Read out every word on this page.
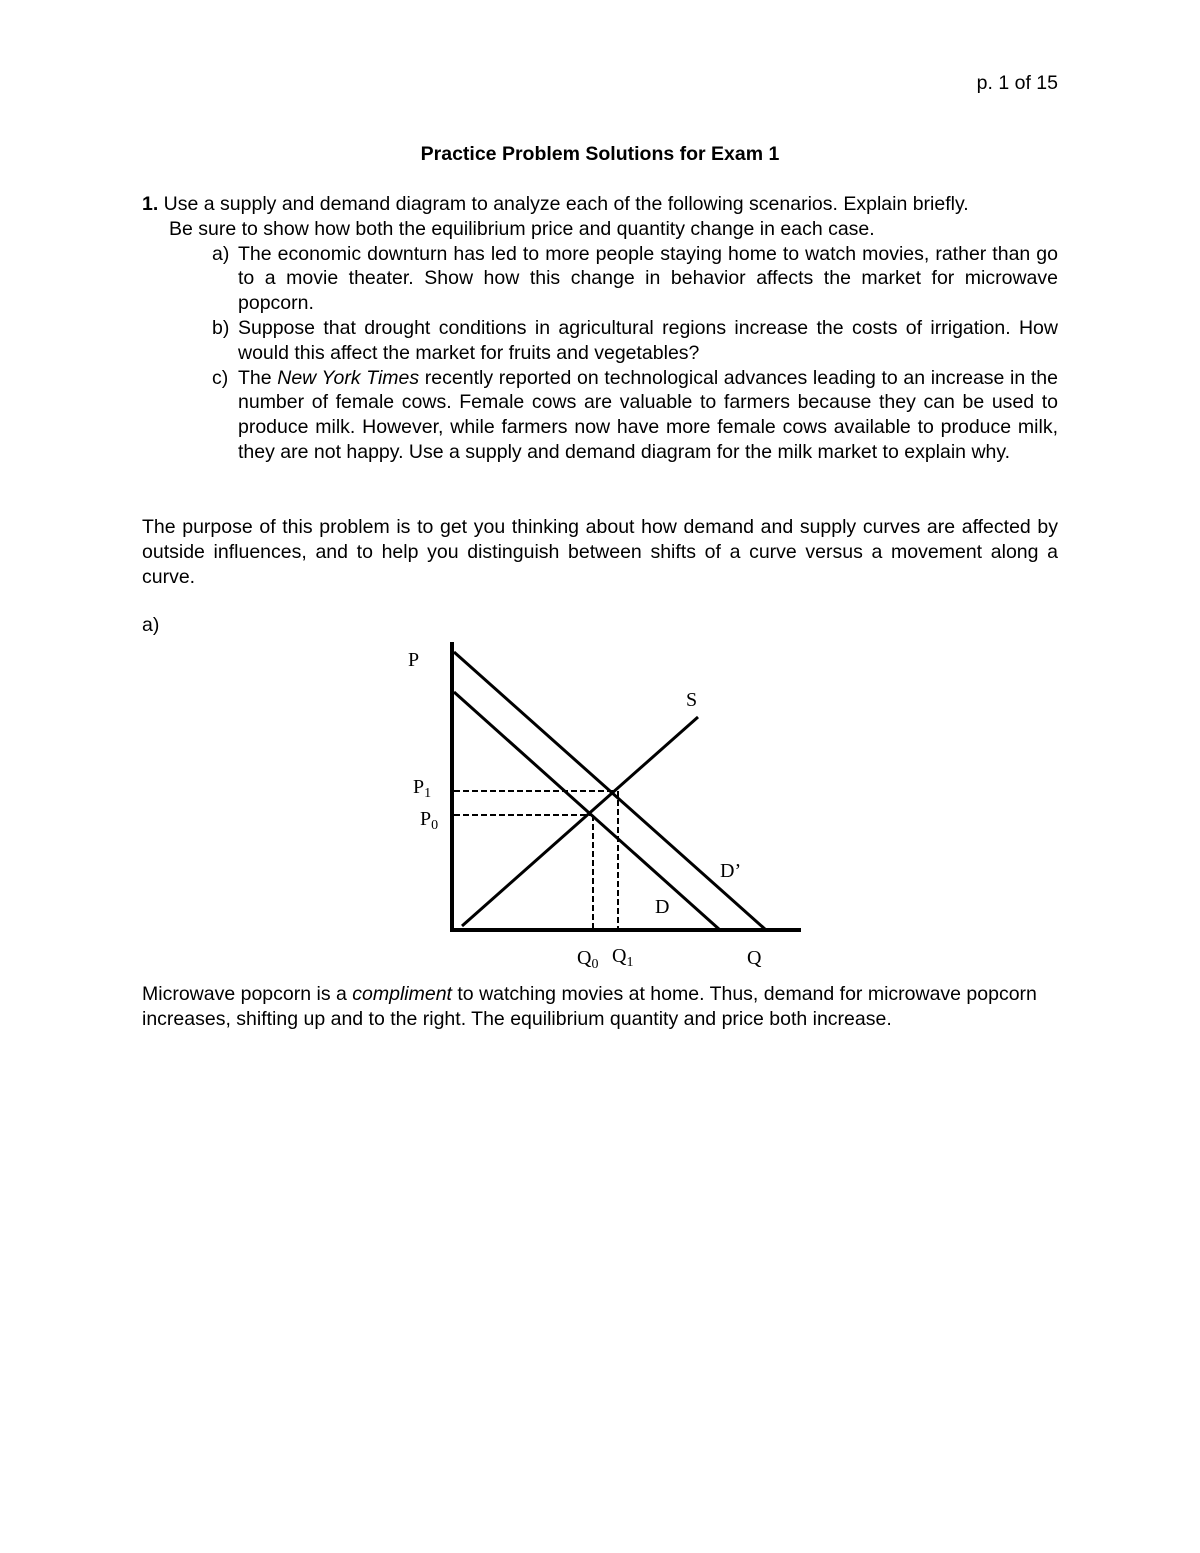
p. 1 of 15
Practice Problem Solutions for Exam 1

1. Use a supply and demand diagram to analyze each of the following scenarios. Explain briefly.

Be sure to show how both the equilibrium price and quantity change in each case.

a) The economic downturn has led to more people staying home to watch movies, rather than go to a movie theater. Show how this change in behavior affects the market for microwave popcorn.
b) Suppose that drought conditions in agricultural regions increase the costs of irrigation. How would this affect the market for fruits and vegetables?
c) The New York Times recently reported on technological advances leading to an increase in the number of female cows. Female cows are valuable to farmers because they can be used to produce milk. However, while farmers now have more female cows available to produce milk, they are not happy. Use a supply and demand diagram for the milk market to explain why.

The purpose of this problem is to get you thinking about how demand and supply curves are affected by outside influences, and to help you distinguish between shifts of a curve versus a movement along a curve.

a)
P
S
$P_1$
$P_0$
D’
D
$Q_0$ $Q_1$	Q

Microwave popcorn is a compliment to watching movies at home. Thus, demand for microwave popcorn increases, shifting up and to the right. The equilibrium quantity and price both increase.
